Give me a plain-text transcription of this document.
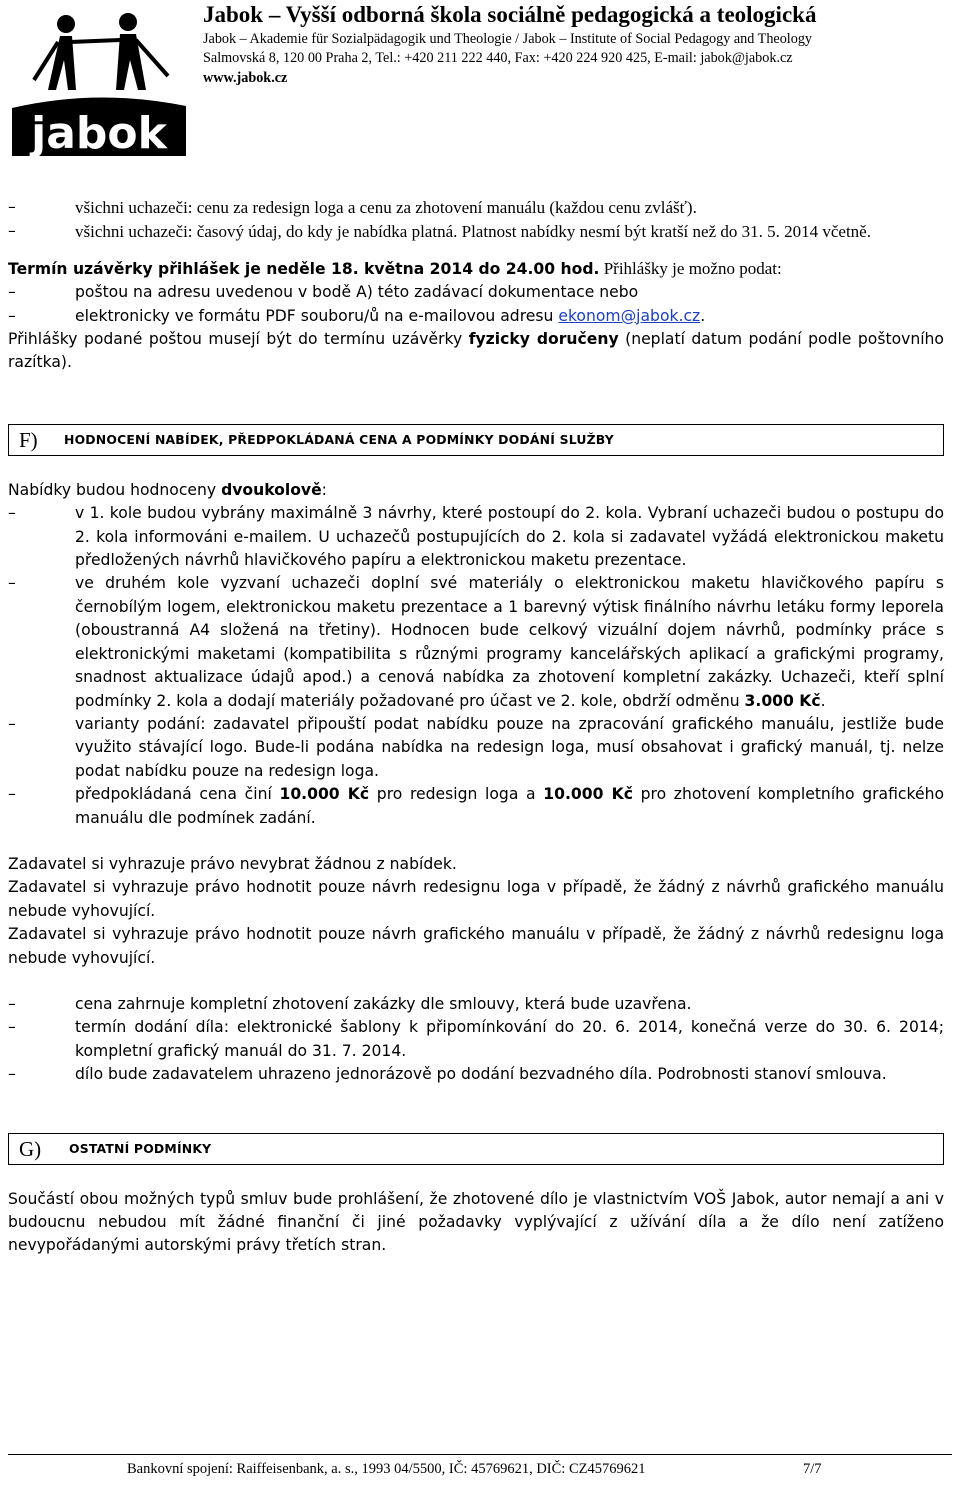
jabok
Jabok – Vyšší odborná škola sociálně pedagogická a teologická
Jabok – Akademie für Sozialpädagogik und Theologie / Jabok – Institute of Social Pedagogy and Theology
Salmovská 8, 120 00 Praha 2, Tel.: +420 211 222 440, Fax: +420 224 920 425, E-mail: jabok@jabok.cz
www.jabok.cz
– všichni uchazeči: cenu za redesign loga a cenu za zhotovení manuálu (každou cenu zvlášť).
– všichni uchazeči: časový údaj, do kdy je nabídka platná. Platnost nabídky nesmí být kratší než do 31. 5. 2014 včetně.
Termín uzávěrky přihlášek je neděle 18. května 2014 do 24.00 hod. Přihlášky je možno podat:
– poštou na adresu uvedenou v bodě A) této zadávací dokumentace nebo
– elektronicky ve formátu PDF souboru/ů na e-mailovou adresu ekonom@jabok.cz.
Přihlášky podané poštou musejí být do termínu uzávěrky fyzicky doručeny (neplatí datum podání podle poštovního razítka).
F) HODNOCENÍ NABÍDEK, PŘEDPOKLÁDANÁ CENA A PODMÍNKY DODÁNÍ SLUŽBY
Nabídky budou hodnoceny dvoukolově:
– v 1. kole budou vybrány maximálně 3 návrhy, které postoupí do 2. kola. Vybraní uchazeči budou o postupu do 2. kola informováni e-mailem. U uchazečů postupujících do 2. kola si zadavatel vyžádá elektronickou maketu předložených návrhů hlavičkového papíru a elektronickou maketu prezentace.
– ve druhém kole vyzvaní uchazeči doplní své materiály o elektronickou maketu hlavičkového papíru s černobílým logem, elektronickou maketu prezentace a 1 barevný výtisk finálního návrhu letáku formy leporela (oboustranná A4 složená na třetiny). Hodnocen bude celkový vizuální dojem návrhů, podmínky práce s elektronickými maketami (kompatibilita s různými programy kancelářských aplikací a grafickými programy, snadnost aktualizace údajů apod.) a cenová nabídka za zhotovení kompletní zakázky. Uchazeči, kteří splní podmínky 2. kola a dodají materiály požadované pro účast ve 2. kole, obdrží odměnu 3.000 Kč.
– varianty podání: zadavatel připouští podat nabídku pouze na zpracování grafického manuálu, jestliže bude využito stávající logo. Bude-li podána nabídka na redesign loga, musí obsahovat i grafický manuál, tj. nelze podat nabídku pouze na redesign loga.
– předpokládaná cena činí 10.000 Kč pro redesign loga a 10.000 Kč pro zhotovení kompletního grafického manuálu dle podmínek zadání.
Zadavatel si vyhrazuje právo nevybrat žádnou z nabídek.
Zadavatel si vyhrazuje právo hodnotit pouze návrh redesignu loga v případě, že žádný z návrhů grafického manuálu nebude vyhovující.
Zadavatel si vyhrazuje právo hodnotit pouze návrh grafického manuálu v případě, že žádný z návrhů redesignu loga nebude vyhovující.
– cena zahrnuje kompletní zhotovení zakázky dle smlouvy, která bude uzavřena.
– termín dodání díla: elektronické šablony k připomínkování do 20. 6. 2014, konečná verze do 30. 6. 2014; kompletní grafický manuál do 31. 7. 2014.
– dílo bude zadavatelem uhrazeno jednorázově po dodání bezvadného díla. Podrobnosti stanoví smlouva.
G) OSTATNÍ PODMÍNKY
Součástí obou možných typů smluv bude prohlášení, že zhotovené dílo je vlastnictvím VOŠ Jabok, autor nemají a ani v budoucnu nebudou mít žádné finanční či jiné požadavky vyplývající z užívání díla a že dílo není zatíženo nevypořádanými autorskými právy třetích stran.
Bankovní spojení: Raiffeisenbank, a. s., 1993 04/5500, IČ: 45769621, DIČ: CZ45769621	7/7
